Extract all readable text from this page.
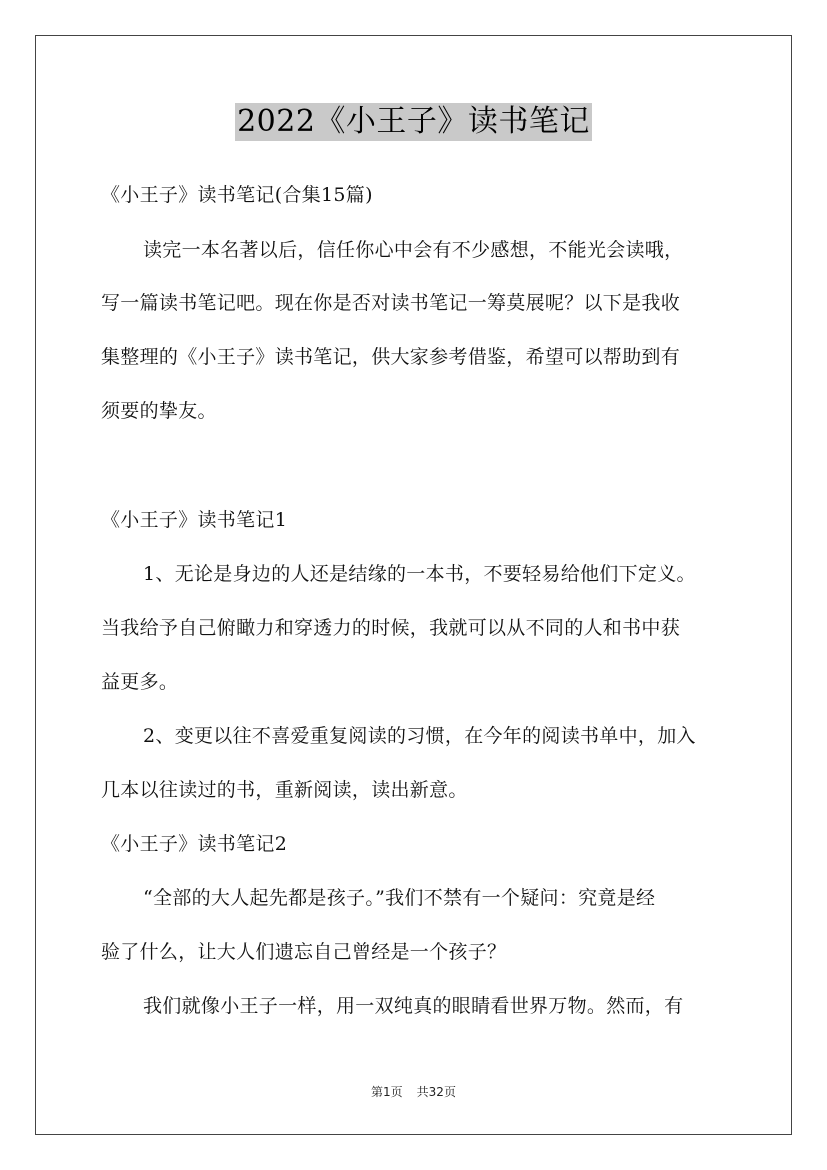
2022《小王子》读书笔记
《小王子》读书笔记(合集15篇)
读完一本名著以后，信任你心中会有不少感想，不能光会读哦，
写一篇读书笔记吧。现在你是否对读书笔记一筹莫展呢？以下是我收
集整理的《小王子》读书笔记，供大家参考借鉴，希望可以帮助到有
须要的挚友。
《小王子》读书笔记1
1、无论是身边的人还是结缘的一本书，不要轻易给他们下定义。
当我给予自己俯瞰力和穿透力的时候，我就可以从不同的人和书中获
益更多。
2、变更以往不喜爱重复阅读的习惯，在今年的阅读书单中，加入
几本以往读过的书，重新阅读，读出新意。
《小王子》读书笔记2
“全部的大人起先都是孩子。”我们不禁有一个疑问：究竟是经
验了什么，让大人们遗忘自己曾经是一个孩子？
我们就像小王子一样，用一双纯真的眼睛看世界万物。然而，有
第1页 共32页
